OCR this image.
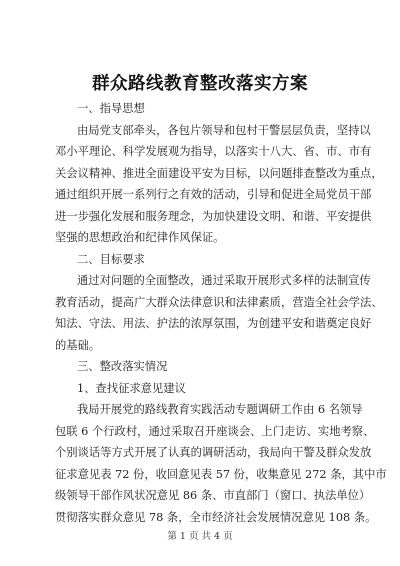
群众路线教育整改落实方案
一、指导思想
由局党支部牵头，各包片领导和包村干警层层负责，坚持以
邓小平理论、科学发展观为指导，以落实十八大、省、市、市有
关会议精神、推进全面建设平安为目标，以问题排查整改为重点，
通过组织开展一系列行之有效的活动，引导和促进全局党员干部
进一步强化发展和服务理念，为加快建设文明、和谐、平安提供
坚强的思想政治和纪律作风保证。
二、目标要求
通过对问题的全面整改，通过采取开展形式多样的法制宣传
教育活动，提高广大群众法律意识和法律素质，营造全社会学法、
知法、守法、用法、护法的浓厚氛围，为创建平安和谐奠定良好
的基础。
三、整改落实情况
1、查找征求意见建议
我局开展党的路线教育实践活动专题调研工作由 6 名领导
包联 6 个行政村，通过采取召开座谈会、上门走访、实地考察、
个别谈话等方式开展了认真的调研活动，我局向干警及群众发放
征求意见表 72 份，收回意见表 57 份，收集意见 272 条，其中市
级领导干部作风状况意见 86 条、市直部门（窗口、执法单位）
贯彻落实群众意见 78 条，全市经济社会发展情况意见 108 条。
第 1 页 共 4 页
